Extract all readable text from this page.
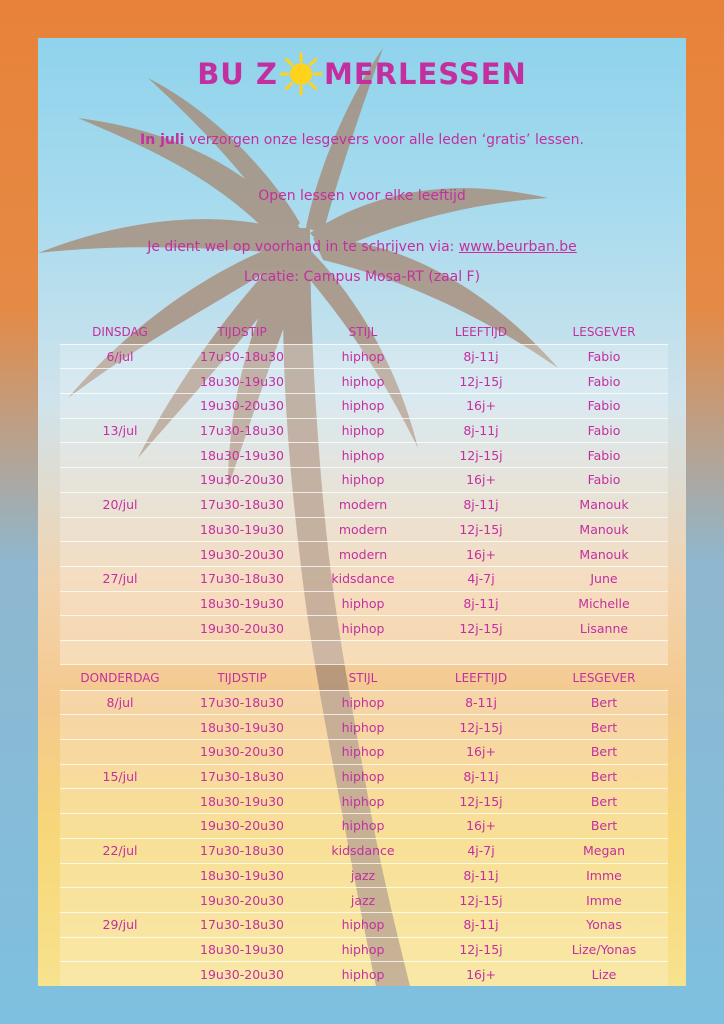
BU Z MERLESSEN
In juli verzorgen onze lesgevers voor alle leden ‘gratis’ lessen.
Open lessen voor elke leeftijd
Je dient wel op voorhand in te schrijven via: www.beurban.be
Locatie: Campus Mosa-RT (zaal F)
DINSDAG	TIJDSTIP	STIJL	LEEFTIJD	LESGEVER
6/jul	17u30-18u30	hiphop	8j-11j	Fabio
	18u30-19u30	hiphop	12j-15j	Fabio
	19u30-20u30	hiphop	16j+	Fabio
13/jul	17u30-18u30	hiphop	8j-11j	Fabio
	18u30-19u30	hiphop	12j-15j	Fabio
	19u30-20u30	hiphop	16j+	Fabio
20/jul	17u30-18u30	modern	8j-11j	Manouk
	18u30-19u30	modern	12j-15j	Manouk
	19u30-20u30	modern	16j+	Manouk
27/jul	17u30-18u30	kidsdance	4j-7j	June
	18u30-19u30	hiphop	8j-11j	Michelle
	19u30-20u30	hiphop	12j-15j	Lisanne

DONDERDAG	TIJDSTIP	STIJL	LEEFTIJD	LESGEVER
8/jul	17u30-18u30	hiphop	8-11j	Bert
	18u30-19u30	hiphop	12j-15j	Bert
	19u30-20u30	hiphop	16j+	Bert
15/jul	17u30-18u30	hiphop	8j-11j	Bert
	18u30-19u30	hiphop	12j-15j	Bert
	19u30-20u30	hiphop	16j+	Bert
22/jul	17u30-18u30	kidsdance	4j-7j	Megan
	18u30-19u30	jazz	8j-11j	Imme
	19u30-20u30	jazz	12j-15j	Imme
29/jul	17u30-18u30	hiphop	8j-11j	Yonas
	18u30-19u30	hiphop	12j-15j	Lize/Yonas
	19u30-20u30	hiphop	16j+	Lize
